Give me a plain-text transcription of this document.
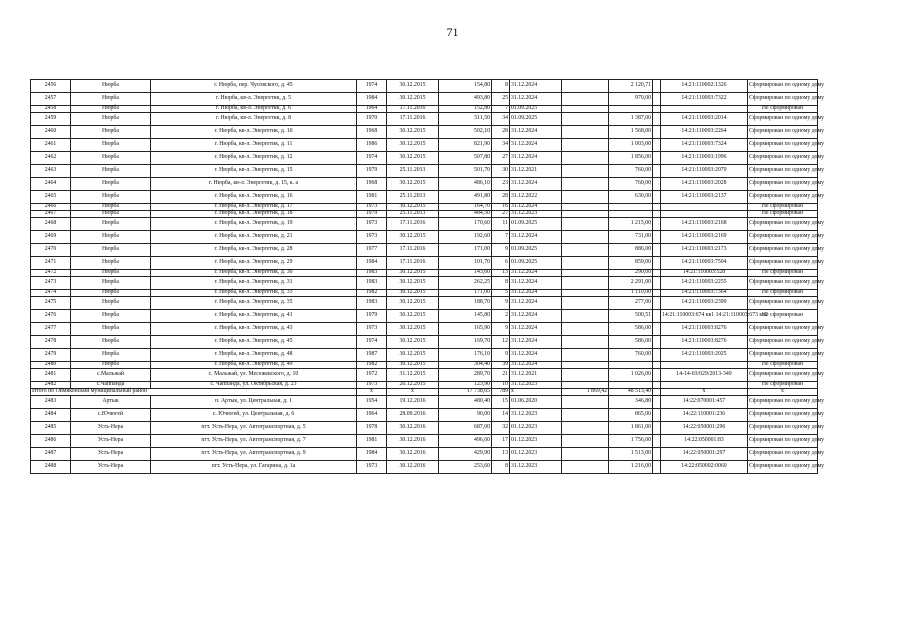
71
2456	Нюрба	г. Нюрба, пер. Чусовского, д. 45	1974	30.12.2015	154,80	8	31.12.2024		2 120,71		14:21:110002:1326	Сформирован по одному дому
2457	Нюрба	г. Нюрба, кв-л. Энергетик, д. 5	1984	30.12.2015	493,80	25	31.12.2024		970,00		14:21:110003:7322	Сформирован по одному дому
2458	Нюрба	г. Нюрба, кв-л. Энергетик, д. 6	1964	17.11.2016	152,80	7	01.09.2025					Не сформирован
2459	Нюрба	г. Нюрба, кв-л. Энергетик, д. 8	1970	17.11.2016	511,50	34	01.09.2025		1 387,00		14:21:110003:2014	Сформирован по одному дому
2460	Нюрба	г. Нюрба, кв-л. Энергетик, д. 10	1968	30.12.2015	502,10	28	31.12.2024		1 568,00		14:21:110003:2264	Сформирован по одному дому
2461	Нюрба	г. Нюрба, кв-л. Энергетик, д. 11	1986	30.12.2015	821,90	34	31.12.2024		1 003,00		14:21:110003:7324	Сформирован по одному дому
2462	Нюрба	г. Нюрба, кв-л. Энергетик, д. 12	1974	30.12.2015	507,80	27	31.12.2024		1 856,00		14:21:110003:1996	Сформирован по одному дому
2463	Нюрба	г. Нюрба, кв-л. Энергетик, д. 15	1979	25.11.2013	501,70	30	31.12.2021		760,00		14:21:110003:2079	Сформирован по одному дому
2464	Нюрба	г. Нюрба, кв-л. Энергетик, д. 15, к. а	1968	30.12.2015	486,10	23	31.12.2024		760,00		14:21:110003:2028	Сформирован по одному дому
2465	Нюрба	г. Нюрба, кв-л. Энергетик, д. 16	1981	25.11.2013	491,80	28	31.12.2022		630,00		14:21:110003:2137	Сформирован по одному дому
2466	Нюрба	г. Нюрба, кв-л. Энергетик, д. 17	1973	30.12.2015	164,70	16	31.12.2024					Не сформирован
2467	Нюрба	г. Нюрба, кв-л. Энергетик, д. 18	1979	25.11.2013	484,50	27	31.12.2023					Не сформирован
2468	Нюрба	г. Нюрба, кв-л. Энергетик, д. 19	1973	17.11.2016	170,60	11	01.09.2025		1 215,00		14:21:110003:2168	Сформирован по одному дому
2469	Нюрба	г. Нюрба, кв-л. Энергетик, д. 21	1973	30.12.2015	192,60	7	31.12.2024		731,00		14:21:110003:2169	Сформирован по одному дому
2470	Нюрба	г. Нюрба, кв-л. Энергетик, д. 28	1977	17.11.2016	171,00	9	01.09.2025		886,00		14:21:110003:2173	Сформирован по одному дому
2471	Нюрба	г. Нюрба, кв-л. Энергетик, д. 29	1984	17.11.2016	101,70	6	01.09.2025		859,00		14:21:110003:7504	Сформирован по одному дому
2472	Нюрба	г. Нюрба, кв-л. Энергетик, д. 30	1983	30.12.2015	143,60	13	31.12.2024		290,00		14:21:110003:528	Не сформирован
2473	Нюрба	г. Нюрба, кв-л. Энергетик, д. 31	1983	30.12.2015	262,25	8	31.12.2024		2 291,00		14:21:110003:2255	Сформирован по одному дому
2474	Нюрба	г. Нюрба, кв-л. Энергетик, д. 33	1982	30.12.2015	171,00	5	31.12.2024		1 110,00		14:21:110003:7364	Не сформирован
2475	Нюрба	г. Нюрба, кв-л. Энергетик, д. 35	1983	30.12.2015	188,70	9	31.12.2024		277,00		14:21:110003:2399	Сформирован по одному дому
2476	Нюрба	г. Нюрба, кв-л. Энергетик, д. 41	1979	30.12.2015	145,80	2	31.12.2024		500,51		14:21:110003:674 кв1 14:21:110003:673 кв2	Не сформирован
2477	Нюрба	г. Нюрба, кв-л. Энергетик, д. 43	1973	30.12.2015	165,90	9	31.12.2024		586,00		14:21:110003:8276	Сформирован по одному дому
2478	Нюрба	г. Нюрба, кв-л. Энергетик, д. 45	1974	30.12.2015	169,70	12	31.12.2024		586,00		14:21:110003:8276	Сформирован по одному дому
2479	Нюрба	г. Нюрба, кв-л. Энергетик, д. 48	1987	30.12.2015	176,10	9	31.12.2024		760,00		14:21:110003:2025	Сформирован по одному дому
2480	Нюрба	г. Нюрба, кв-л. Энергетик, д. 49	1982	30.12.2015	304,40	39	31.12.2024					Не сформирован
2481	с.Мальжай	с. Мальжай, ул. Месежекского, д. 10	1972	31.12.2015	289,70	21	31.12.2021		1 026,00		14-14-03/029/2013-349	Сформирован по одному дому
2482	с.Чаппанда	с. Чаппанда, ул. Октябрьская, д. 23	1973	26.12.2015	123,90	10	31.12.2023					Не сформирован
Итого по Оймяконский муниципальный район			х	х	17 738,65	789	х	1 869,42	48 513,40		х	х
2483	Артык	п. Артык, ул. Центральная, д. 1	1954	19.12.2016	480,40	15	01.06.2020		346,80		14:22:070001:457	Сформирован по одному дому
2484	с.Ючюгей	с. Ючюгей, ул. Центральная, д. 6	1964	28.09.2016	90,00	14	31.12.2023		865,00		14:22:110001:236	Сформирован по одному дому
2485	Усть-Нера	пгт. Усть-Нера, ул. Автотранспортная, д. 5	1978	30.12.2016	687,00	32	01.12.2023		1 861,00		14:22:050001:296	Сформирован по одному дому
2486	Усть-Нера	пгт. Усть-Нера, ул. Автотранспортная, д. 7	1981	30.12.2016	496,60	17	01.12.2023		1 756,00		14:22:050001:83	Сформирован по одному дому
2487	Усть-Нера	пгт. Усть-Нера, ул. Автотранспортная, д. 9	1984	30.12.2016	429,90	13	01.12.2023		1 513,00		14:22:050001:297	Сформирован по одному дому
2488	Усть-Нера	пгт. Усть-Нера, ул. Гагарина, д. 1а	1973	30.12.2016	253,60	8	31.12.2023		1 216,00		14:22:050002:0060	Сформирован по одному дому
